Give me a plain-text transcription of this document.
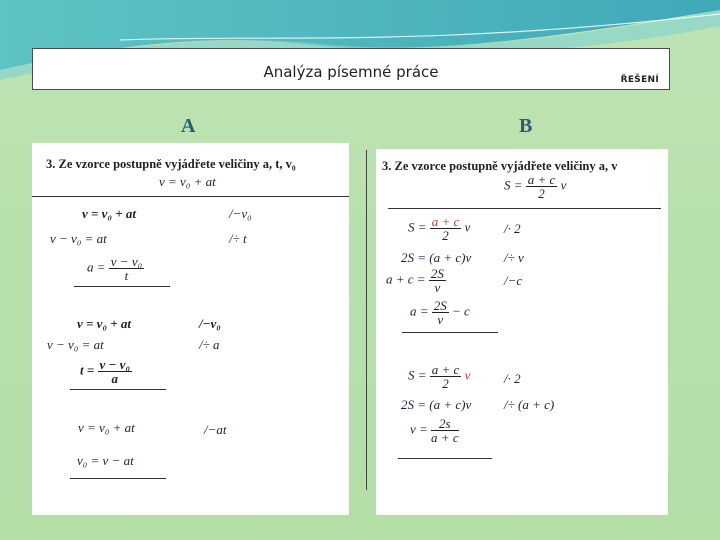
Analýza písemné práce	ŘEŠENÍ
A	B
3. Ze vzorce postupně vyjádřete veličiny a, t, v₀
v = v₀ + at
v = v₀ + at	/−v₀
v − v₀ = at	/÷ t
$a = \frac{\text{v − v₀}}{t}$
v = v₀ + at	/−v₀
v − v₀ = at	/÷ a
$t = \frac{\text{v − v₀}}{a}$
v = v₀ + at	/−at
v₀ = v − at
3. Ze vzorce postupně vyjádřete veličiny a, v
$S = \frac{a + c}{2}$ v
$S = \frac{a + c}{2}$ v	/· 2
2S = (a + c)v	/÷ v
$a + c = \frac{2S}{v}$	/−c
$a = \frac{2S}{v} - c$
$S = \frac{a + c}{2}$ v	/· 2
2S = (a + c)v	/÷ (a + c)
$v = \frac{2s}{a + c}$
